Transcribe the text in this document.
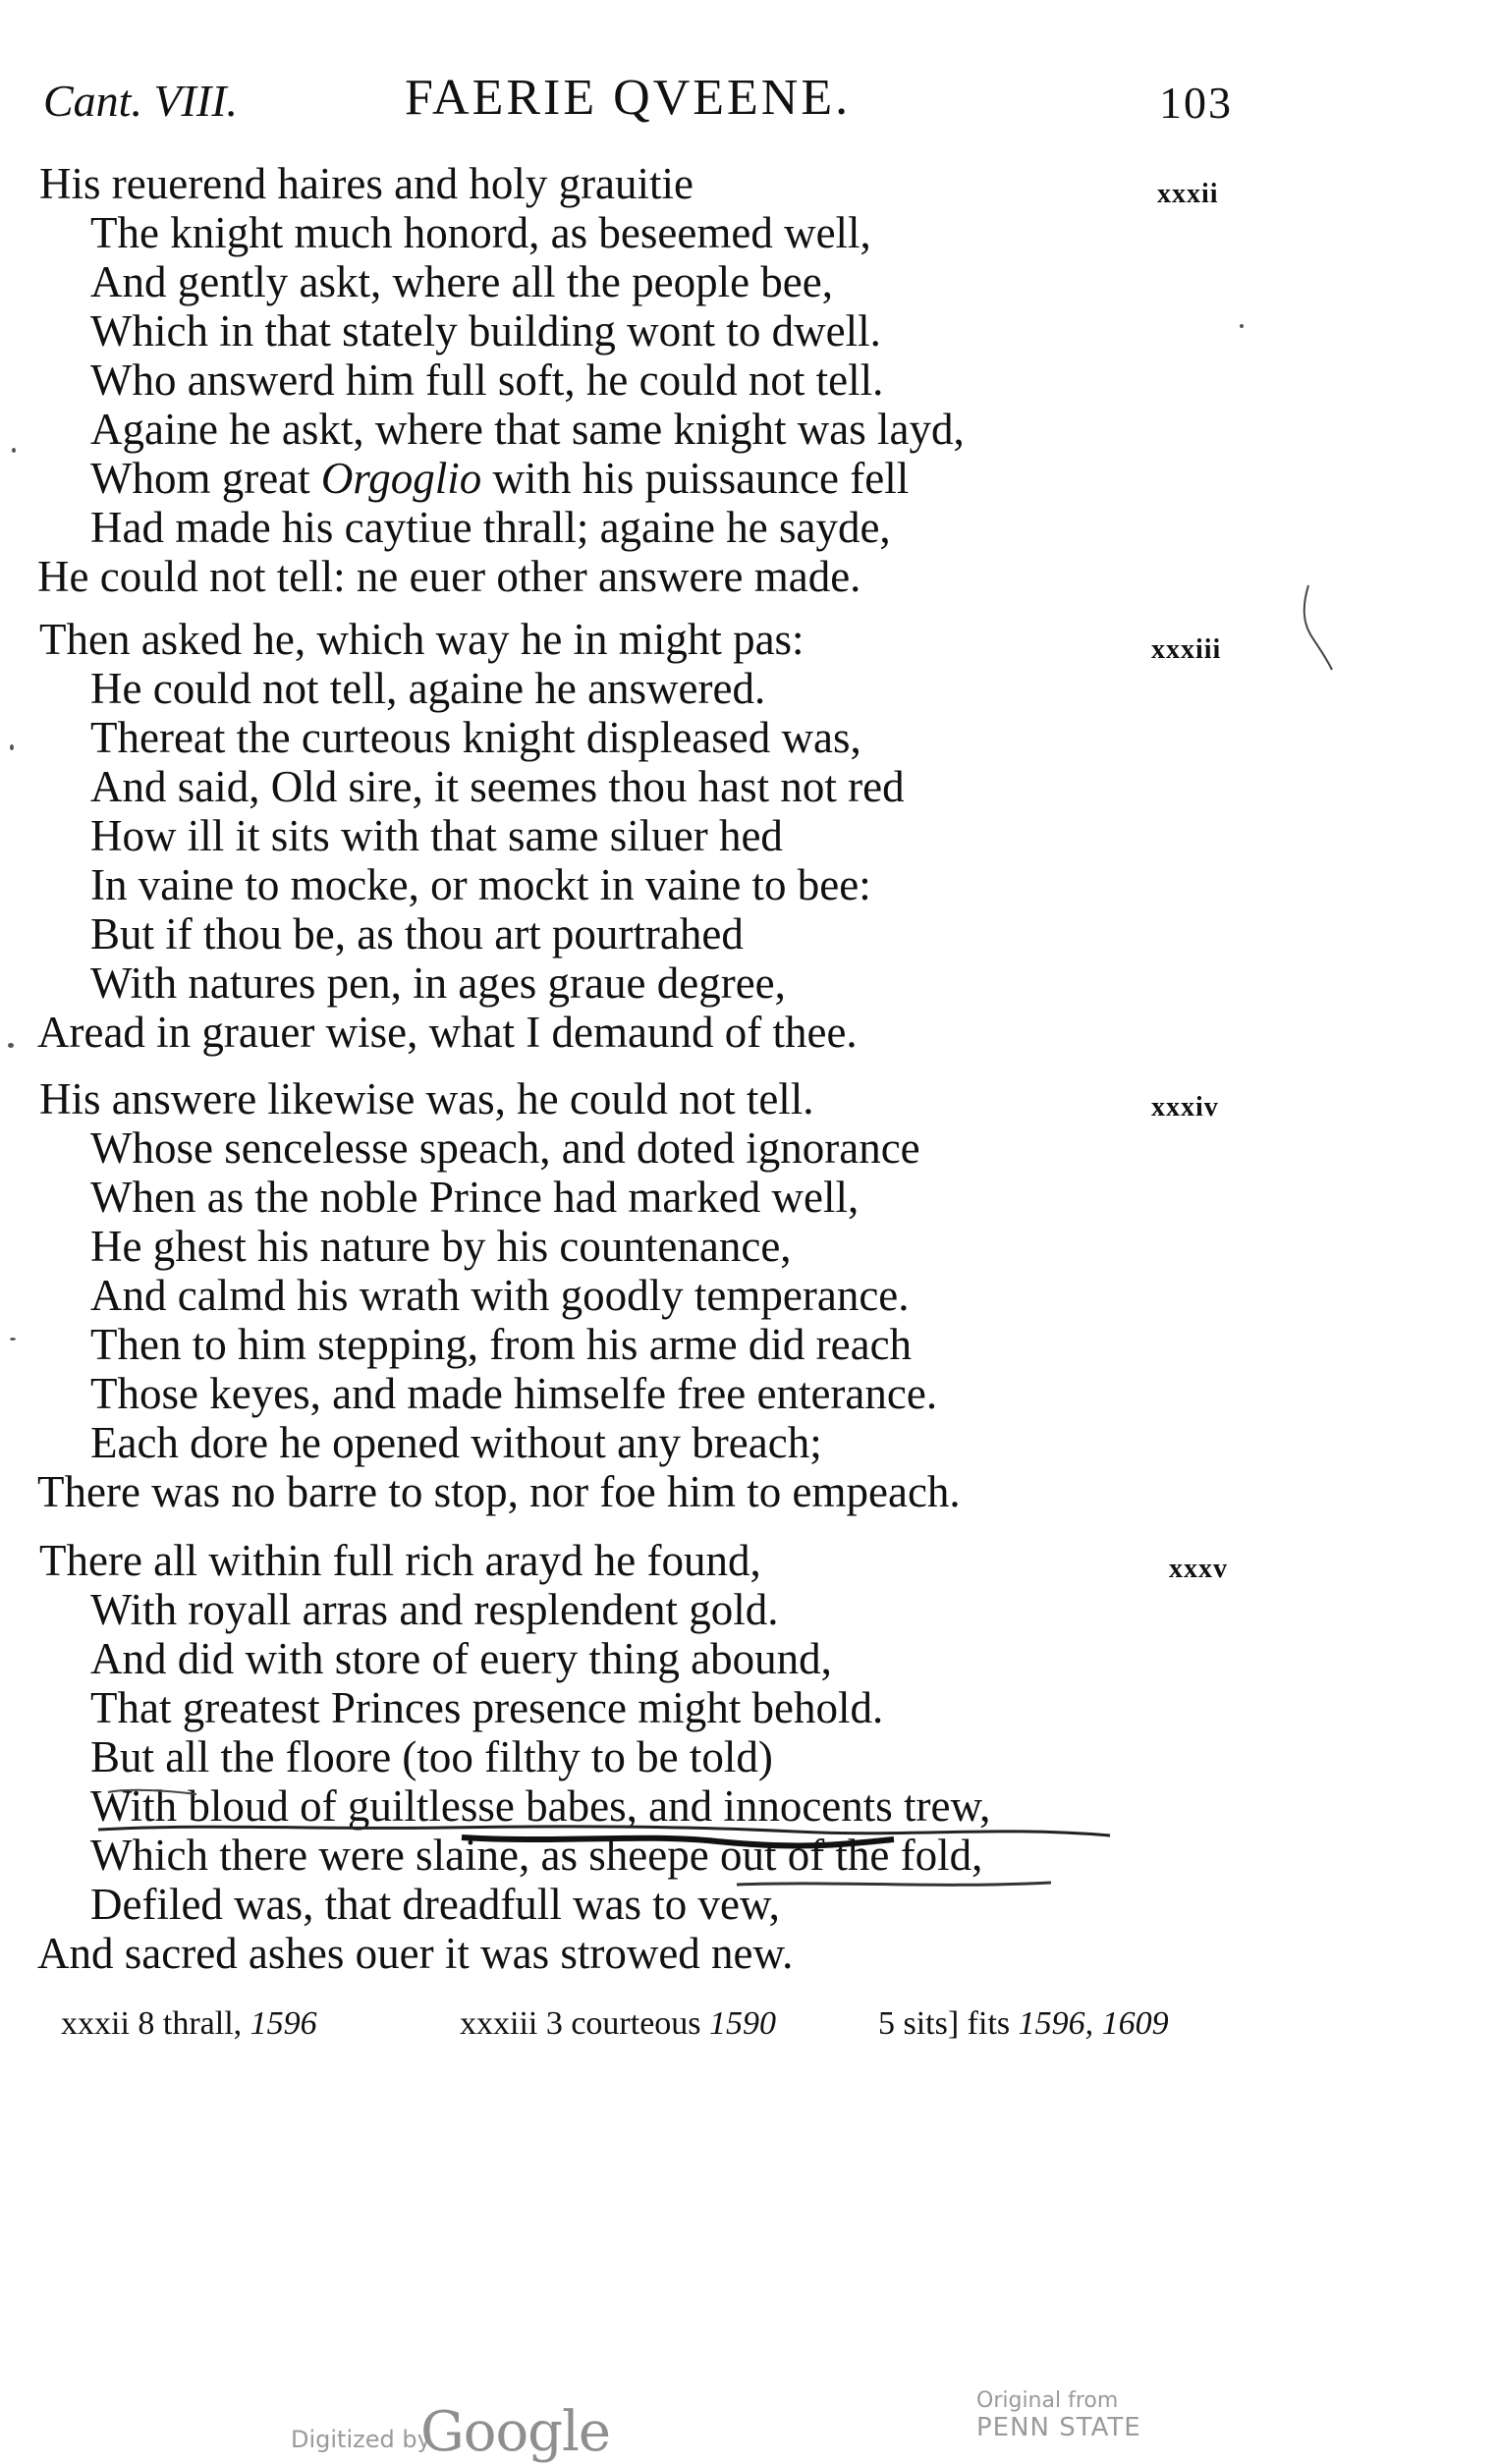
Cant. VIII.	FAERIE QVEENE.	103
xxxii
His reuerend haires and holy grauitie
The knight much honord, as beseemed well,
And gently askt, where all the people bee,
Which in that stately building wont to dwell.
Who answerd him full soft, he could not tell.
Againe he askt, where that same knight was layd,
Whom great Orgoglio with his puissaunce fell
Had made his caytiue thrall; againe he sayde,
He could not tell: ne euer other answere made.
xxxiii
Then asked he, which way he in might pas:
He could not tell, againe he answered.
Thereat the curteous knight displeased was,
And said, Old sire, it seemes thou hast not red
How ill it sits with that same siluer hed
In vaine to mocke, or mockt in vaine to bee:
But if thou be, as thou art pourtrahed
With natures pen, in ages graue degree,
Aread in grauer wise, what I demaund of thee.
xxxiv
His answere likewise was, he could not tell.
Whose sencelesse speach, and doted ignorance
When as the noble Prince had marked well,
He ghest his nature by his countenance,
And calmd his wrath with goodly temperance.
Then to him stepping, from his arme did reach
Those keyes, and made himselfe free enterance.
Each dore he opened without any breach;
There was no barre to stop, nor foe him to empeach.
xxxv
There all within full rich arayd he found,
With royall arras and resplendent gold.
And did with store of euery thing abound,
That greatest Princes presence might behold.
But all the floore (too filthy to be told)
With bloud of guiltlesse babes, and innocents trew,
Which there were slaine, as sheepe out of the fold,
Defiled was, that dreadfull was to vew,
And sacred ashes ouer it was strowed new.
xxxii 8 thrall, 1596	xxxiii 3 courteous 1590	5 sits] fits 1596, 1609
Digitized by
Google	Original from
PENN STATE
